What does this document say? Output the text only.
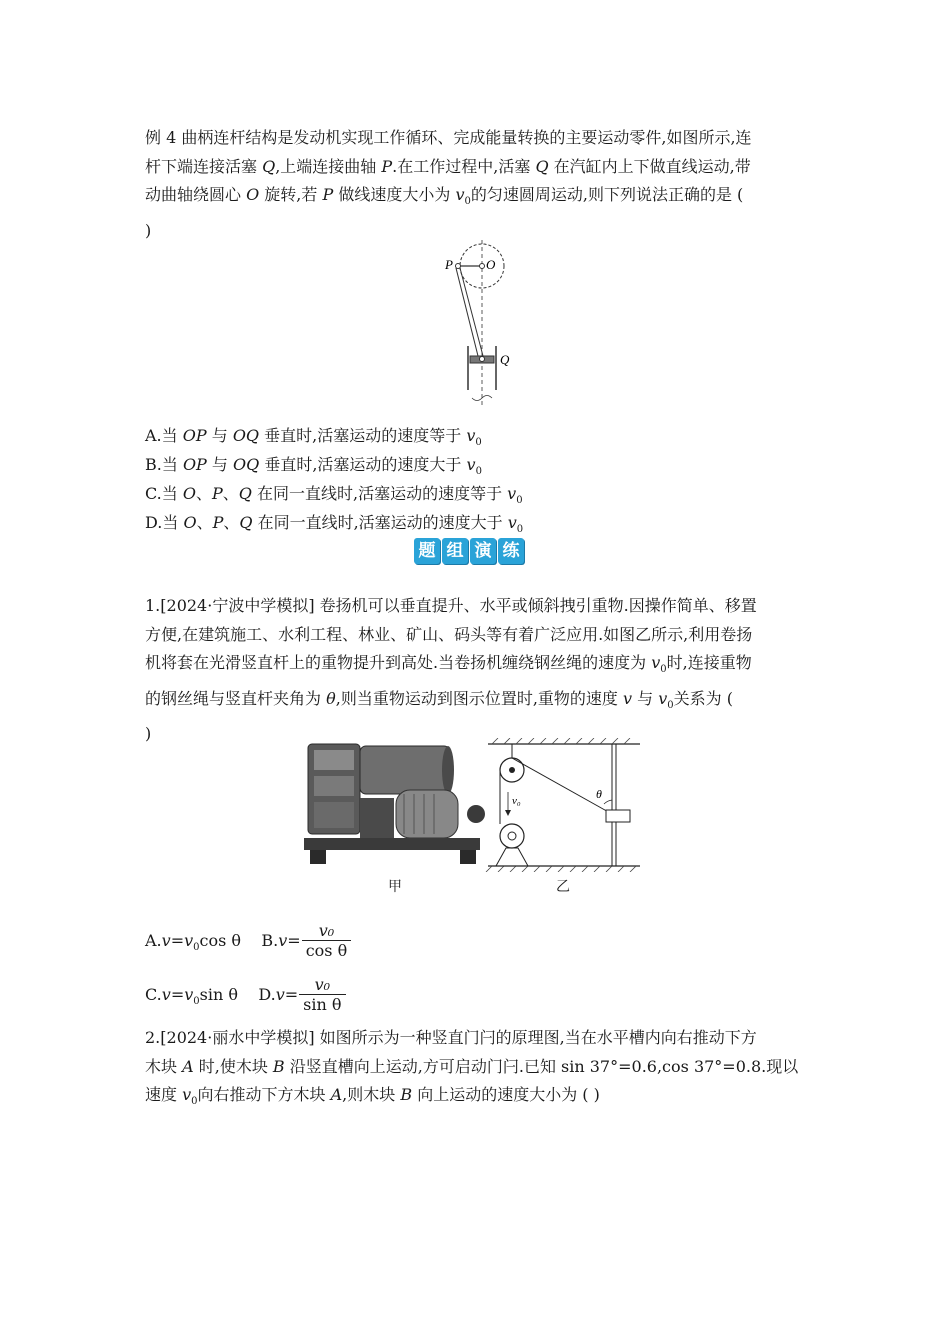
例 4 曲柄连杆结构是发动机实现工作循环、完成能量转换的主要运动零件,如图所示,连
杆下端连接活塞 Q,上端连接曲轴 P.在工作过程中,活塞 Q 在汽缸内上下做直线运动,带
动曲轴绕圆心 O 旋转,若 P 做线速度大小为 $v_0$的匀速圆周运动,则下列说法正确的是 (
)
P	O
Q
A.当 OP 与 OQ 垂直时,活塞运动的速度等于 $v_0$
B.当 OP 与 OQ 垂直时,活塞运动的速度大于 $v_0$
C.当 O、P、Q 在同一直线时,活塞运动的速度等于 $v_0$
D.当 O、P、Q 在同一直线时,活塞运动的速度大于 $v_0$
题 组 演 练
1.[2024·宁波中学模拟] 卷扬机可以垂直提升、水平或倾斜拽引重物.因操作简单、移置
方便,在建筑施工、水利工程、林业、矿山、码头等有着广泛应用.如图乙所示,利用卷扬
机将套在光滑竖直杆上的重物提升到高处.当卷扬机缠绕钢丝绳的速度为 $v_0$时,连接重物
的钢丝绳与竖直杆夹角为 θ,则当重物运动到图示位置时,重物的速度 v 与 $v_0$关系为 (
)
v₀	θ
甲	乙
$A.v=v_0\cos$ θ $B.v= \frac{\text{v₀}}{\text{cos θ}}$
$C.v=v_0\sin$ θ $D.v= \frac{\text{v₀}}{\text{sin θ}}$
2.[2024·丽水中学模拟] 如图所示为一种竖直门闩的原理图,当在水平槽内向右推动下方
木块 A 时,使木块 B 沿竖直槽向上运动,方可启动门闩.已知 sin 37°=0.6,cos 37°=0.8.现以
速度 $v_0$向右推动下方木块 A,则木块 B 向上运动的速度大小为 ( )
